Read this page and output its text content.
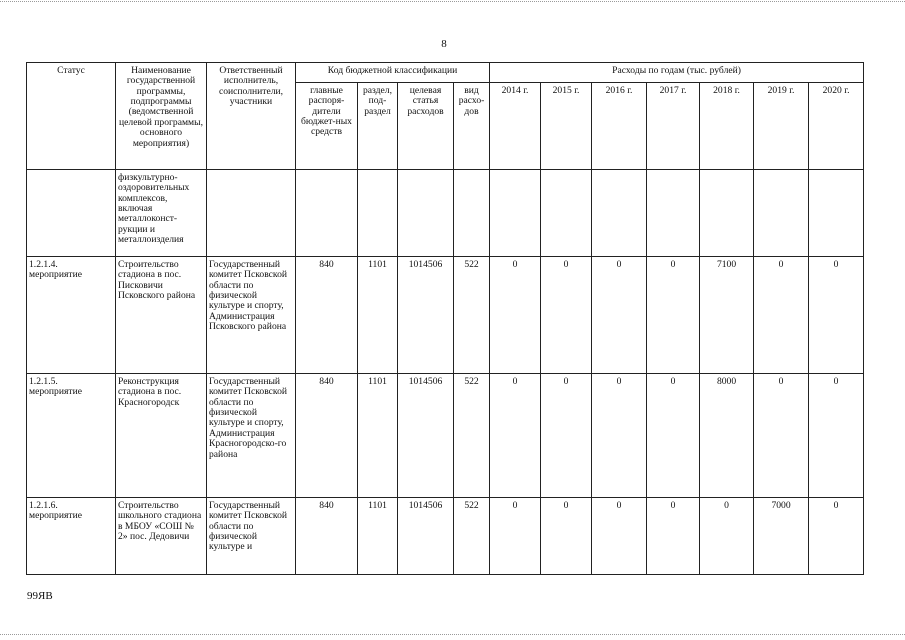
8
Статус	Наименование государственной программы, подпрограммы (ведомственной целевой программы, основного мероприятия)	Ответственный исполнитель, соисполнители, участники	Код бюджетной классификации				Расходы по годам (тыс. рублей)						
			главные распоря-дители бюджет-ных средств	раздел, под-раздел	целевая статья расходов	вид расхо-дов	2014 г.	2015 г.	2016 г.	2017 г.	2018 г.	2019 г.	2020 г.
	физкультурно-оздоровительных комплексов, включая металлоконст-рукции и металлоизделия												
1.2.1.4. мероприятие	Строительство стадиона в пос. Писковичи Псковского района	Государственный комитет Псковской области по физической культуре и спорту, Администрация Псковского района	840	1101	1014506	522	0	0	0	0	7100	0	0
1.2.1.5. мероприятие	Реконструкция стадиона в пос. Красногородск	Государственный комитет Псковской области по физической культуре и спорту, Администрация Красногородско-го района	840	1101	1014506	522	0	0	0	0	8000	0	0
1.2.1.6. мероприятие	Строительство школьного стадиона в МБОУ «СОШ № 2» пос. Дедовичи	Государственный комитет Псковской области по физической культуре и	840	1101	1014506	522	0	0	0	0	0	7000	0
99ЯВ
